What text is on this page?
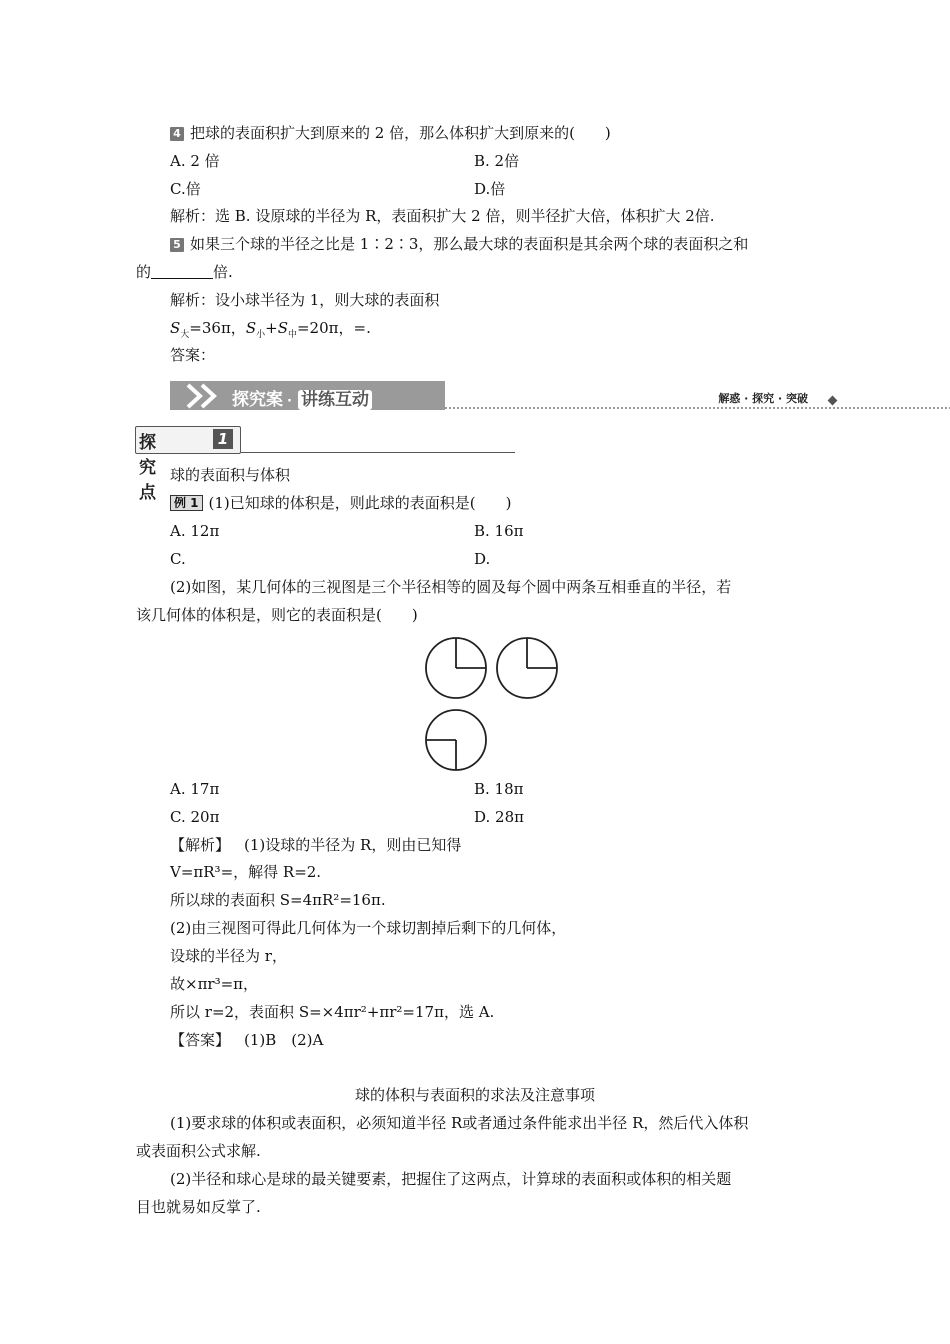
4 把球的表面积扩大到原来的 2 倍，那么体积扩大到原来的(　　)
A. 2 倍	B. 2倍
C.倍	D.倍
解析：选 B. 设原球的半径为 R，表面积扩大 2 倍，则半径扩大倍，体积扩大 2倍.
5 如果三个球的半径之比是 1∶2∶3，那么最大球的表面积是其余两个球的表面积之和
的	倍.
解析：设小球半径为 1，则大球的表面积
$S_大=36\pi$，$S_小+S_中=20\pi$，=.
答案：
探究案 · 讲练互动	解惑 · 探究 · 突破
探究点
1
球的表面积与体积
例 1 (1)已知球的体积是，则此球的表面积是(　　)
A. 12π	B. 16π
C.	D.
(2)如图，某几何体的三视图是三个半径相等的圆及每个圆中两条互相垂直的半径，若
该几何体的体积是，则它的表面积是(　　)
A. 17π	B. 18π
C. 20π	D. 28π
【解析】 (1)设球的半径为 R，则由已知得
V=πR³=，解得 R=2.
所以球的表面积 S=4πR²=16π.
(2)由三视图可得此几何体为一个球切割掉后剩下的几何体，
设球的半径为 r，
故×πr³=π，
所以 r=2，表面积 S=×4πr²+πr²=17π，选 A.
【答案】 (1)B　(2)A
球的体积与表面积的求法及注意事项
(1)要求球的体积或表面积，必须知道半径 R或者通过条件能求出半径 R，然后代入体积
或表面积公式求解.
(2)半径和球心是球的最关键要素，把握住了这两点，计算球的表面积或体积的相关题
目也就易如反掌了.
